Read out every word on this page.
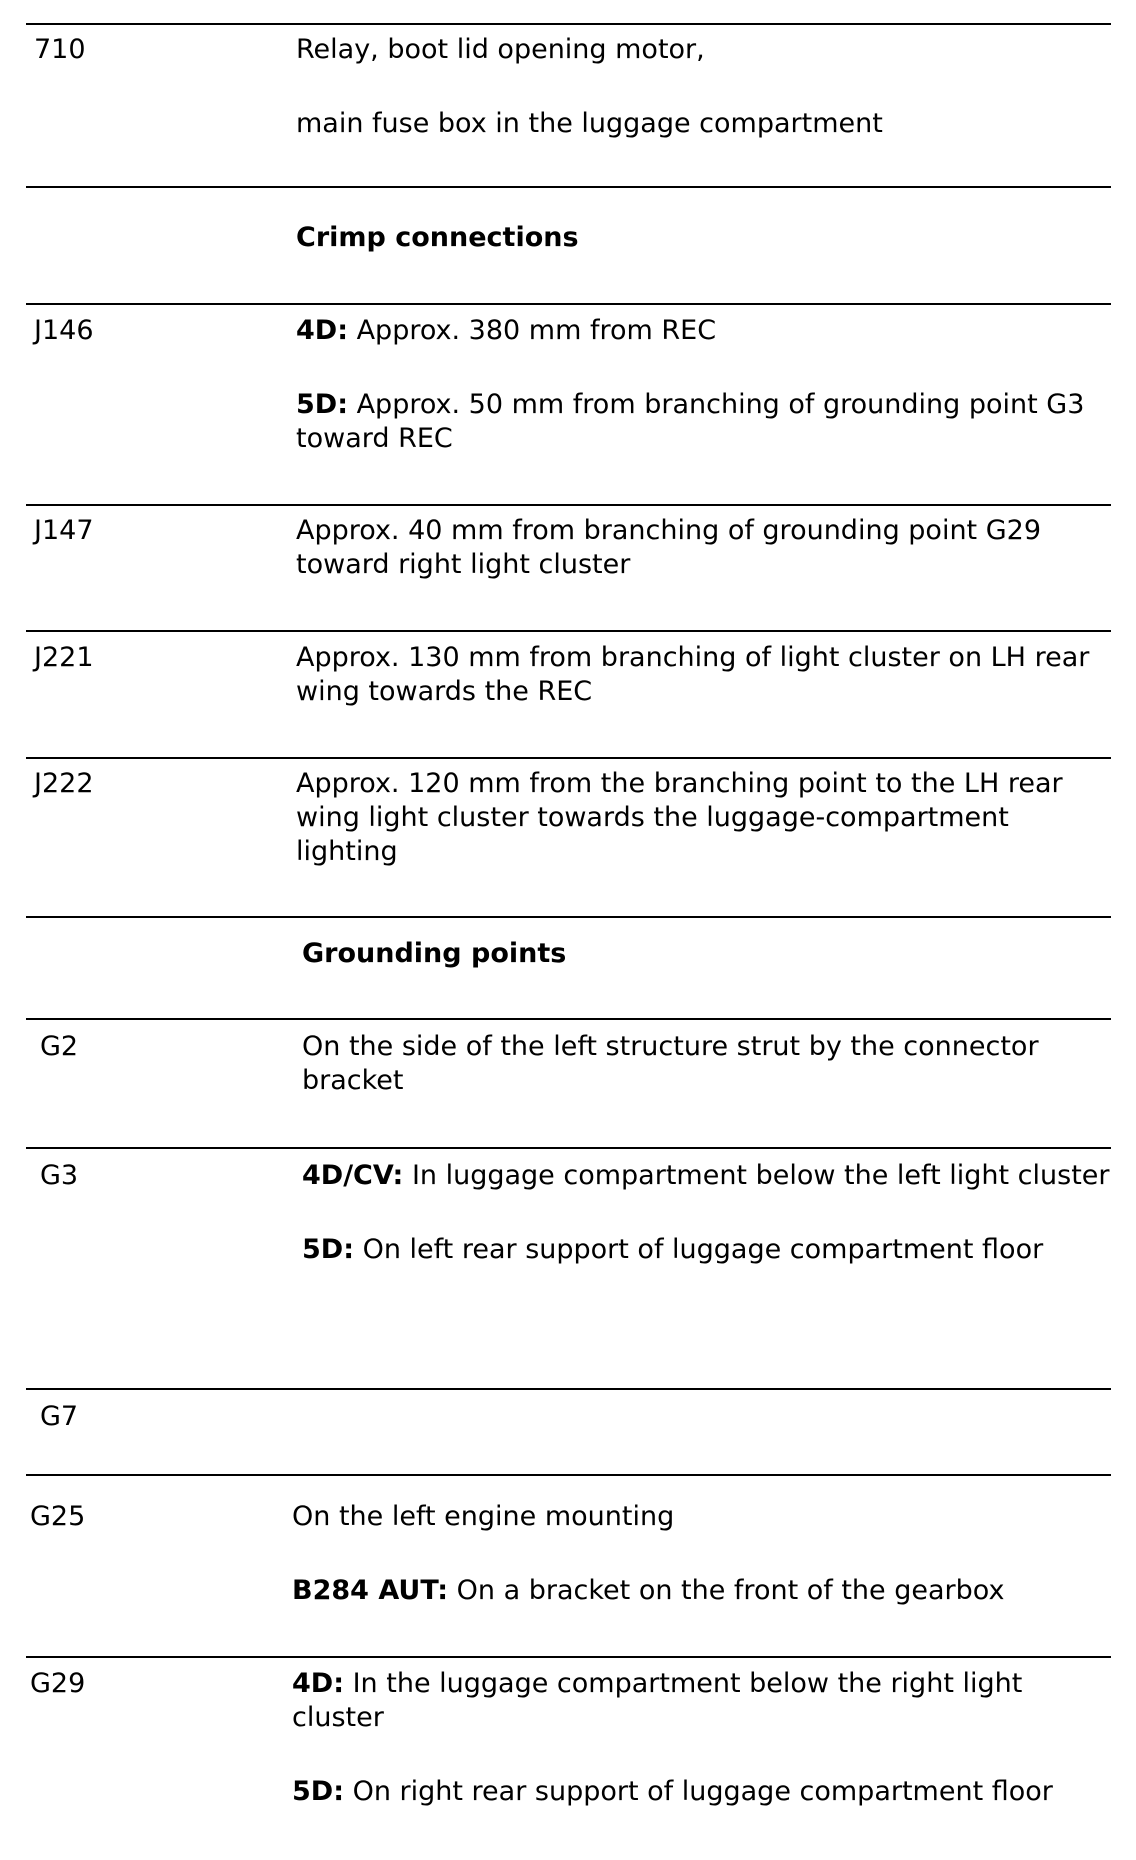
710	Relay, boot lid opening motor,
main fuse box in the luggage compartment
Crimp connections
J146	4D: Approx. 380 mm from REC
5D: Approx. 50 mm from branching of grounding point G3 toward REC
J147	Approx. 40 mm from branching of grounding point G29 toward right light cluster
J221	Approx. 130 mm from branching of light cluster on LH rear wing towards the REC
J222	Approx. 120 mm from the branching point to the LH rear wing light cluster towards the luggage-compartment lighting
Grounding points
G2	On the side of the left structure strut by the connector bracket
G3	4D/CV: In luggage compartment below the left light cluster
5D: On left rear support of luggage compartment floor
G7
G25	On the left engine mounting
B284 AUT: On a bracket on the front of the gearbox
G29	4D: In the luggage compartment below the right light cluster
5D: On right rear support of luggage compartment floor
